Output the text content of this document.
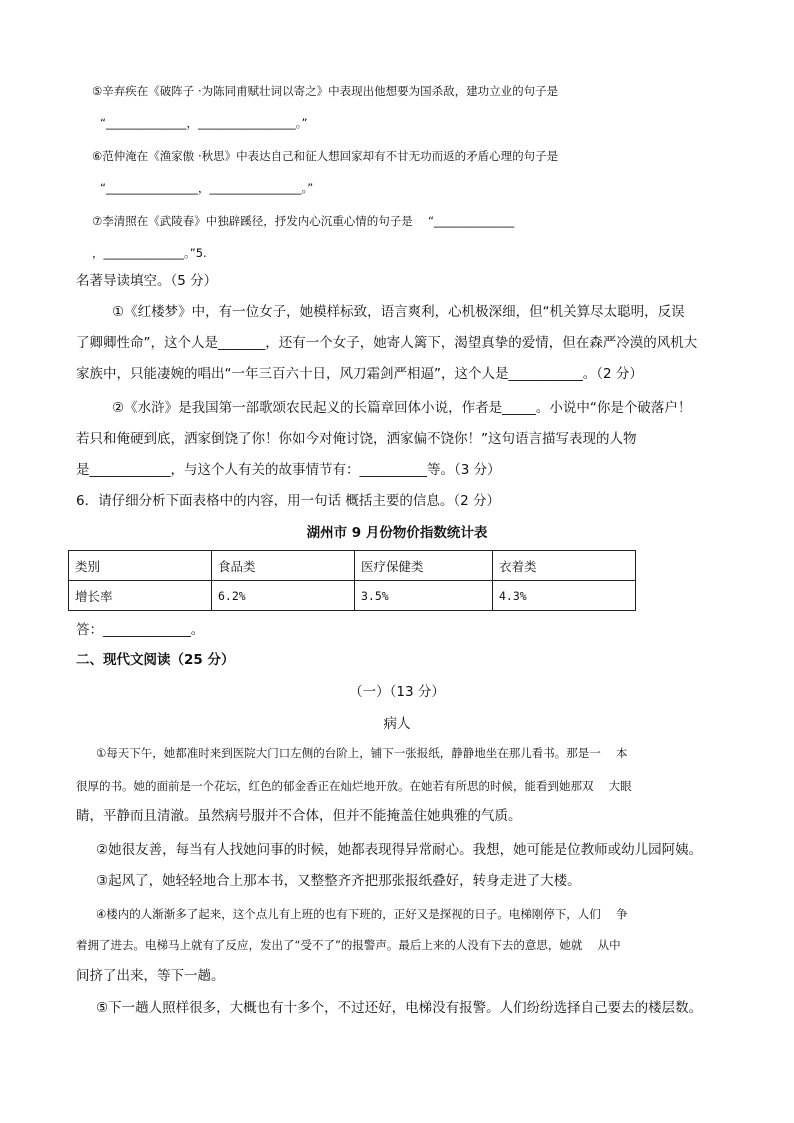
⑤辛弃疾在《破阵子 ·为陈同甫赋壮词以寄之》中表现出他想要为国杀敌，建功立业的句子是
“______________，_________________。”
⑥范仲淹在《渔家傲 ·秋思》中表达自己和征人想回家却有不甘无功而返的矛盾心理的句子是
“________________，________________。”
⑦李清照在《武陵春》中独辟蹊径，抒发内心沉重心情的句子是　 “______________
，______________。”5.
名著导读填空。（5 分）
①《红楼梦》中，有一位女子，她模样标致，语言爽利，心机极深细，但“机关算尽太聪明，反误
了卿卿性命”，这个人是_______，还有一个女子，她寄人篱下，渴望真挚的爱情，但在森严冷漠的风机大
家族中，只能凄婉的唱出“一年三百六十日，风刀霜剑严相逼”，这个人是___________。（2 分）
②《水浒》是我国第一部歌颂农民起义的长篇章回体小说，作者是_____。小说中“你是个破落户！
若只和俺硬到底，洒家倒饶了你！你如今对俺讨饶，洒家偏不饶你！”这句语言描写表现的人物
是____________，与这个人有关的故事情节有：__________等。（3 分）
6．请仔细分析下面表格中的内容，用一句话 概括主要的信息。（2 分）
湖州市 9 月份物价指数统计表
类别	食品类	医疗保健类	衣着类
增长率	6.2%	3.5%	4.3%
答：_____________。
二、现代文阅读（25 分）
（一）（13 分）
病人
①每天下午，她都准时来到医院大门口左侧的台阶上，铺下一张报纸，静静地坐在那儿看书。那是一　 本
很厚的书。她的面前是一个花坛，红色的郁金香正在灿烂地开放。在她若有所思的时候，能看到她那双　 大眼
睛，平静而且清澈。虽然病号服并不合体，但并不能掩盖住她典雅的气质。
②她很友善，每当有人找她问事的时候，她都表现得异常耐心。我想，她可能是位教师或幼儿园阿姨。
③起风了，她轻轻地合上那本书，又整整齐齐把那张报纸叠好，转身走进了大楼。
④楼内的人渐渐多了起来，这个点儿有上班的也有下班的，正好又是探视的日子。电梯刚停下，人们　 争
着拥了进去。电梯马上就有了反应，发出了“受不了”的报警声。最后上来的人没有下去的意思，她就　 从中
间挤了出来，等下一趟。
⑤下一趟人照样很多，大概也有十多个，不过还好，电梯没有报警。人们纷纷选择自己要去的楼层数。
